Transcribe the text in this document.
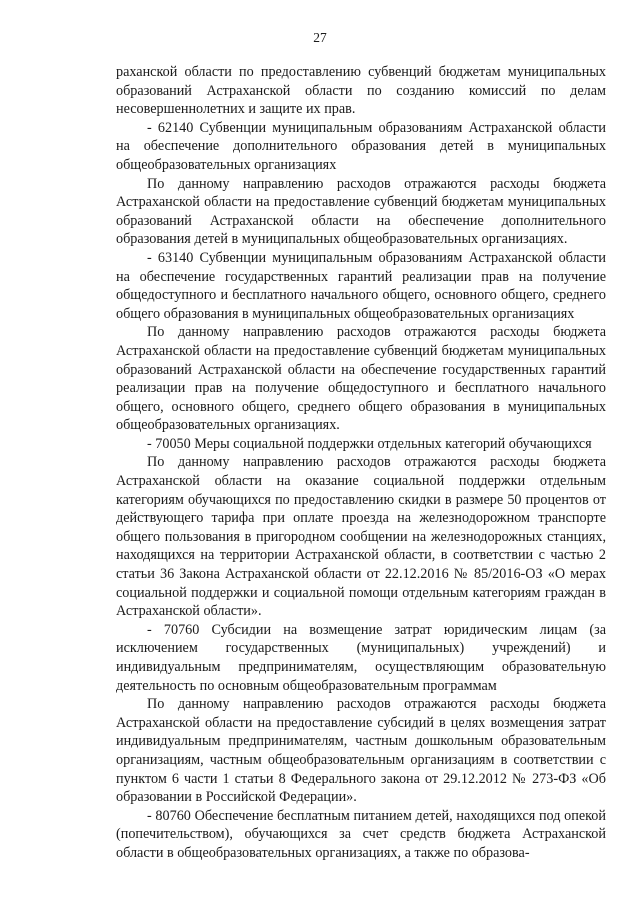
27

раханской области по предоставлению субвенций бюджетам муниципальных образований Астраханской области по созданию комиссий по делам несовершеннолетних и защите их прав.

- 62140 Субвенции муниципальным образованиям Астраханской области на обеспечение дополнительного образования детей в муниципальных общеобразовательных организациях

По данному направлению расходов отражаются расходы бюджета Астраханской области на предоставление субвенций бюджетам муниципальных образований Астраханской области на обеспечение дополнительного образования детей в муниципальных общеобразовательных организациях.

- 63140 Субвенции муниципальным образованиям Астраханской области на обеспечение государственных гарантий реализации прав на получение общедоступного и бесплатного начального общего, основного общего, среднего общего образования в муниципальных общеобразовательных организациях

По данному направлению расходов отражаются расходы бюджета Астраханской области на предоставление субвенций бюджетам муниципальных образований Астраханской области на обеспечение государственных гарантий реализации прав на получение общедоступного и бесплатного начального общего, основного общего, среднего общего образования в муниципальных общеобразовательных организациях.

- 70050 Меры социальной поддержки отдельных категорий обучающихся

По данному направлению расходов отражаются расходы бюджета Астраханской области на оказание социальной поддержки отдельным категориям обучающихся по предоставлению скидки в размере 50 процентов от действующего тарифа при оплате проезда на железнодорожном транспорте общего пользования в пригородном сообщении на железнодорожных станциях, находящихся на территории Астраханской области, в соответствии с частью 2 статьи 36 Закона Астраханской области от 22.12.2016 № 85/2016-ОЗ «О мерах социальной поддержки и социальной помощи отдельным категориям граждан в Астраханской области».

- 70760 Субсидии на возмещение затрат юридическим лицам (за исключением государственных (муниципальных) учреждений) и индивидуальным предпринимателям, осуществляющим образовательную деятельность по основным общеобразовательным программам

По данному направлению расходов отражаются расходы бюджета Астраханской области на предоставление субсидий в целях возмещения затрат индивидуальным предпринимателям, частным дошкольным образовательным организациям, частным общеобразовательным организациям в соответствии с пунктом 6 части 1 статьи 8 Федерального закона от 29.12.2012 № 273-ФЗ «Об образовании в Российской Федерации».

- 80760 Обеспечение бесплатным питанием детей, находящихся под опекой (попечительством), обучающихся за счет средств бюджета Астраханской области в общеобразовательных организациях, а также по образова-
